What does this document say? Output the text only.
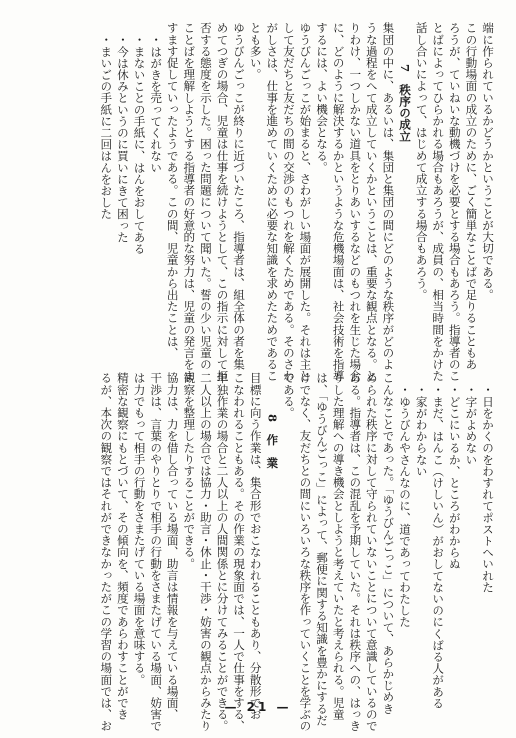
端に作られているかどうかということが大切である。
この行動場面の成立のために、ごく簡単なことばで足りることもあ
ろうが、ていねいな動機づけを必要とする場合もあろう。指導者のこ
とばによってひらかれる場合もあろうが、成員の、相当時間をかけた
話し合いによって、はじめて成立する場合もあろう。
7　秩序の成立
集団の中に、あるいは、集団と集団の間にどのような秩序がどのよ
うな過程をへて成立していくかということは、重要な観点となる。と
りわけ、一つしかない道具をとりあいするなどのもつれを生じた場合
に、どのように解決するかというような危機場面は、社会技術を指導
するには、よい機会となる。
ゆうびんごっこが始まると、さわがしい場面が展開した。それは主と
して友だちと友だちの間の交渉のもつれを解くためである。そのさわ
がしさは、仕事を進めていくために必要な知識を求めたためであるこ
とも多い。
ゆうびんごっこが終りに近づいたころ、指導者は、組全体の者を集
めてつぎの場合、児童は仕事を続けようとして、この指示に対して拒
否する態度を示した。困った問題について聞いた。誓の少い児童の
ことばを理解しようとする指導者の好意的な努力は、児童の発言をま
すます促していったようである。この間、児童から出たことは、
・はがきを売ってくれない
・まないことの手紙に、はんをおしてある
・今は休みというのに買いにきて困った
・まいごの手紙に二回はんをおした
・日をかくのをわすれてポストへいれた
・字がよめない
・どこにいるか、ところがわからぬ
・まだ、はんこ（けしいん）がおしてないのにくばる人がある
・家がわからない
・ゆうびんやさんなのに、道であってわたした
こんなことであった。「ゆうびんごっこ」について、あらかじめき
められた秩序に対して守られていないことについて意識しているので
ある。指導者は、この混乱を予期していた。それは秩序への、はっき
りした理解への導き機会としようと考えていたと考えられる。児童
は、「ゆうびんごっこ」によって、郵便に関する知識を豊かにするだ
けでなく、友だちとの間にいろいろな秩序を作っていくことを学ぶの
である。
8　作　業
目標に向う作業は、集合形でおこなわれることもあり、分散形でお
こなわれることもある。その作業の現象面では、一人で仕事をする、
単独作業の場合と二人以上の人間関係とに分けてみることができる。
二人以上の場合では協力・助言・休止・干渉・妨害の観点からみたり
観察を整理したりすることができる。
協力は、力を借し合っている場面、助言は情報を与えている場面、
干渉は、言葉のやりとりで相手の行動をさまたげている場面、妨害で
は力でもって相手の行動をさまたげている場面を意味する。
精密な観察にもとづいて、その傾向を、頻度であらわすことができ
るが、本次の観察ではそれができなかったがこの学習の場面では、お	— 21 —
